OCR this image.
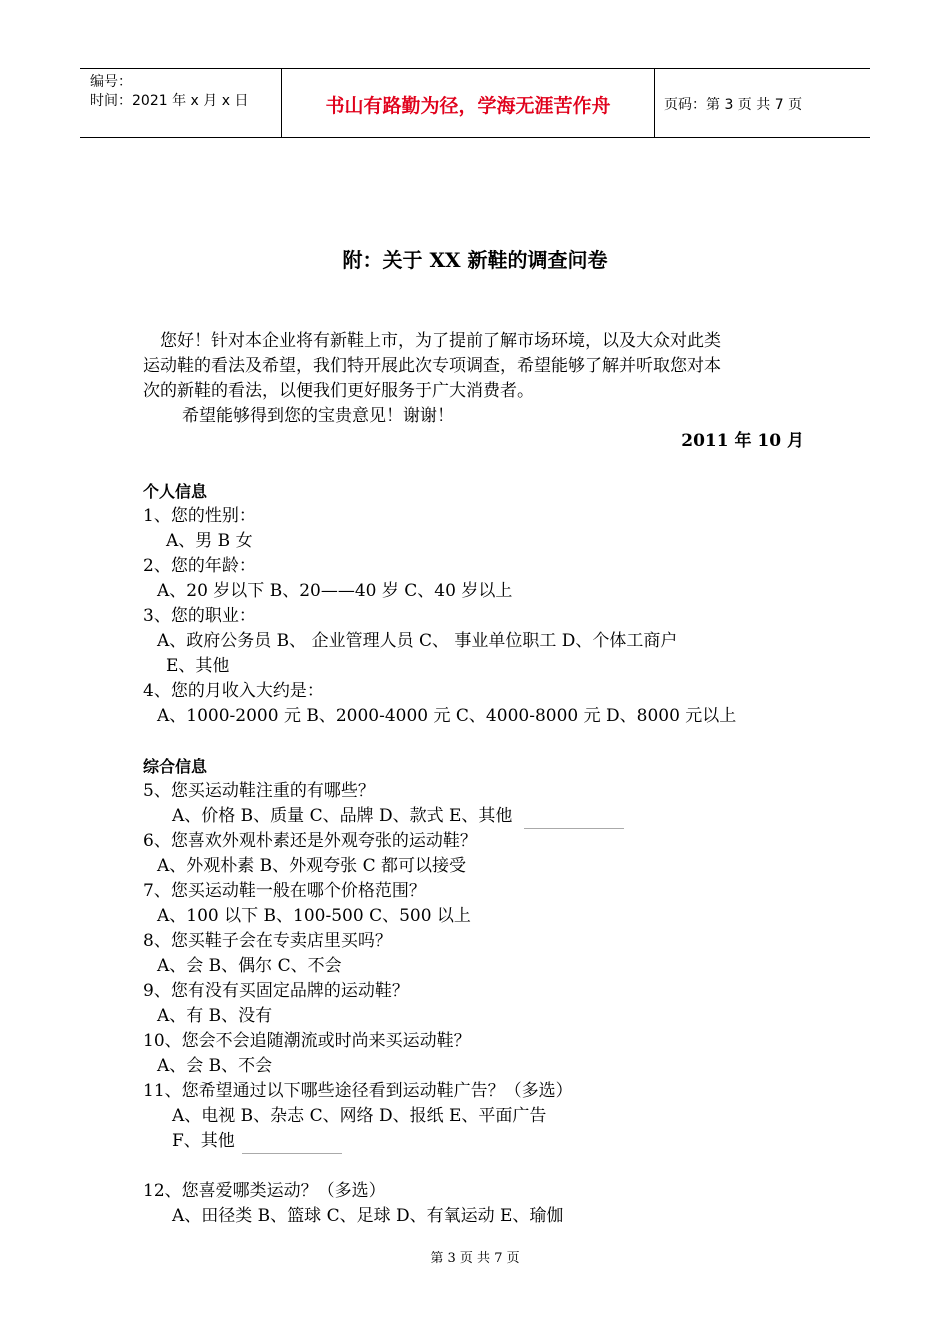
编号：
时间：2021 年 x 月 x 日	书山有路勤为径，学海无涯苦作舟	页码：第 3 页 共 7 页
附：关于 XX 新鞋的调查问卷
您好！针对本企业将有新鞋上市，为了提前了解市场环境，以及大众对此类
运动鞋的看法及希望，我们特开展此次专项调查，希望能够了解并听取您对本
次的新鞋的看法，以便我们更好服务于广大消费者。
希望能够得到您的宝贵意见！谢谢！
2011 年 10 月
个人信息
1、您的性别：
A、男 B 女
2、您的年龄：
A、20 岁以下 B、20——40 岁 C、40 岁以上
3、您的职业：
A、政府公务员 B、 企业管理人员 C、 事业单位职工 D、个体工商户
E、其他
4、您的月收入大约是：
A、1000-2000 元 B、2000-4000 元 C、4000-8000 元 D、8000 元以上
综合信息
5、您买运动鞋注重的有哪些？
A、价格 B、质量 C、品牌 D、款式 E、其他
6、您喜欢外观朴素还是外观夸张的运动鞋？
A、外观朴素 B、外观夸张 C 都可以接受
7、您买运动鞋一般在哪个价格范围？
A、100 以下 B、100-500 C、500 以上
8、您买鞋子会在专卖店里买吗？
A、会 B、偶尔 C、不会
9、您有没有买固定品牌的运动鞋？
A、有 B、没有
10、您会不会追随潮流或时尚来买运动鞋？
A、会 B、不会
11、您希望通过以下哪些途径看到运动鞋广告？（多选）
A、电视 B、杂志 C、网络 D、报纸 E、平面广告
F、其他
12、您喜爱哪类运动？（多选）
A、田径类 B、篮球 C、足球 D、有氧运动 E、瑜伽
第 3 页 共 7 页
